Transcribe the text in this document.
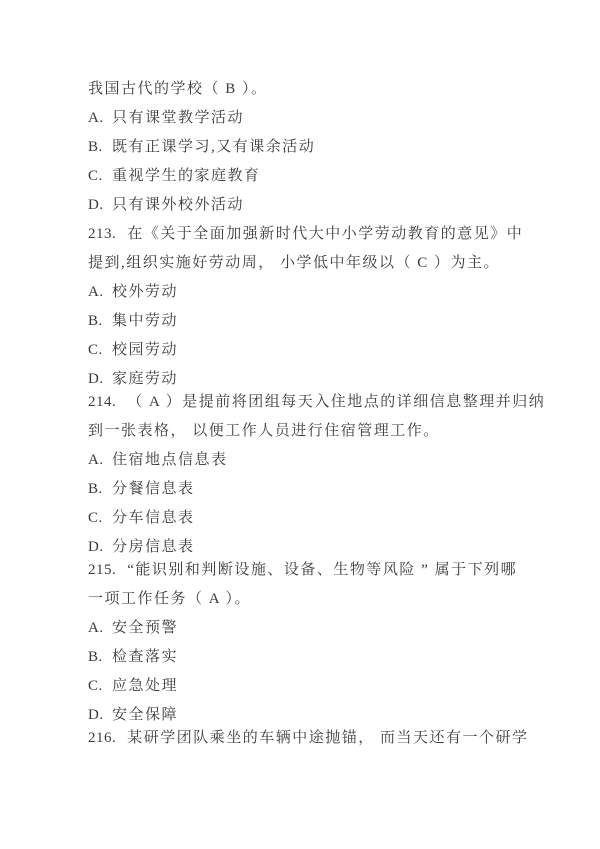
我国古代的学校（ B ）。
A. 只有课堂教学活动
B. 既有正课学习,又有课余活动
C. 重视学生的家庭教育
D. 只有课外校外活动
213. 在《关于全面加强新时代大中小学劳动教育的意见》中
提到,组织实施好劳动周， 小学低中年级以（ C ）为主。
A. 校外劳动
B. 集中劳动
C. 校园劳动
D. 家庭劳动
214. （ A ）是提前将团组每天入住地点的详细信息整理并归纳
到一张表格， 以便工作人员进行住宿管理工作。
A. 住宿地点信息表
B. 分餐信息表
C. 分车信息表
D. 分房信息表
215. “能识别和判断设施、设备、生物等风险 ” 属于下列哪
一项工作任务（ A ）。
A. 安全预警
B. 检查落实
C. 应急处理
D. 安全保障
216. 某研学团队乘坐的车辆中途抛锚， 而当天还有一个研学
